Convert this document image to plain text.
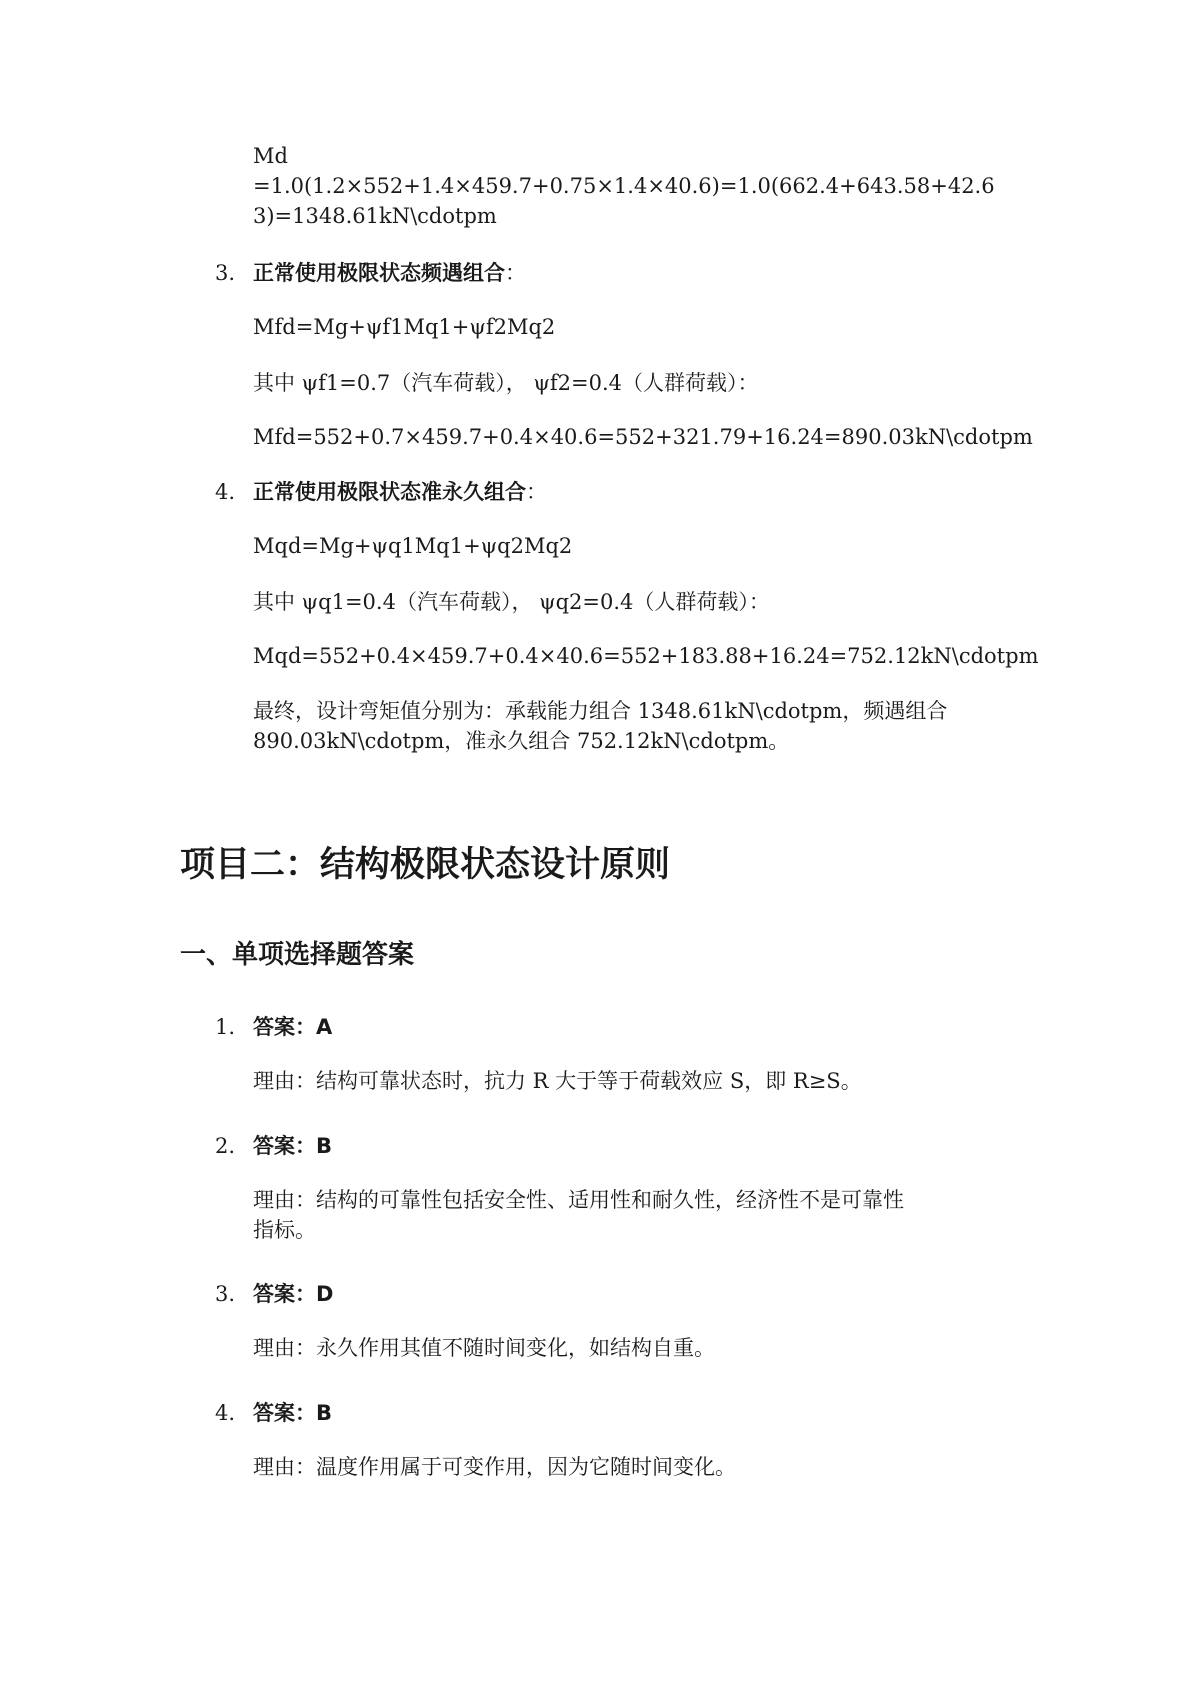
Md
=1.0(1.2×552+1.4×459.7+0.75×1.4×40.6)=1.0(662.4+643.58+42.6
3)=1348.61kN\cdotpm
3. 正常使用极限状态频遇组合：
Mfd=Mg+ψf1Mq1+ψf2Mq2
其中 ψf1=0.7（汽车荷载）， ψf2=0.4（人群荷载）：
Mfd=552+0.7×459.7+0.4×40.6=552+321.79+16.24=890.03kN\cdotpm
4. 正常使用极限状态准永久组合：
Mqd=Mg+ψq1Mq1+ψq2Mq2
其中 ψq1=0.4（汽车荷载）， ψq2=0.4（人群荷载）：
Mqd=552+0.4×459.7+0.4×40.6=552+183.88+16.24=752.12kN\cdotpm
最终，设计弯矩值分别为：承载能力组合 1348.61kN\cdotpm，频遇组合
890.03kN\cdotpm，准永久组合 752.12kN\cdotpm。
项目二：结构极限状态设计原则
一、单项选择题答案
1. 答案：A
理由：结构可靠状态时，抗力 R 大于等于荷载效应 S，即 R≥S。
2. 答案：B
理由：结构的可靠性包括安全性、适用性和耐久性，经济性不是可靠性
指标。
3. 答案：D
理由：永久作用其值不随时间变化，如结构自重。
4. 答案：B
理由：温度作用属于可变作用，因为它随时间变化。
